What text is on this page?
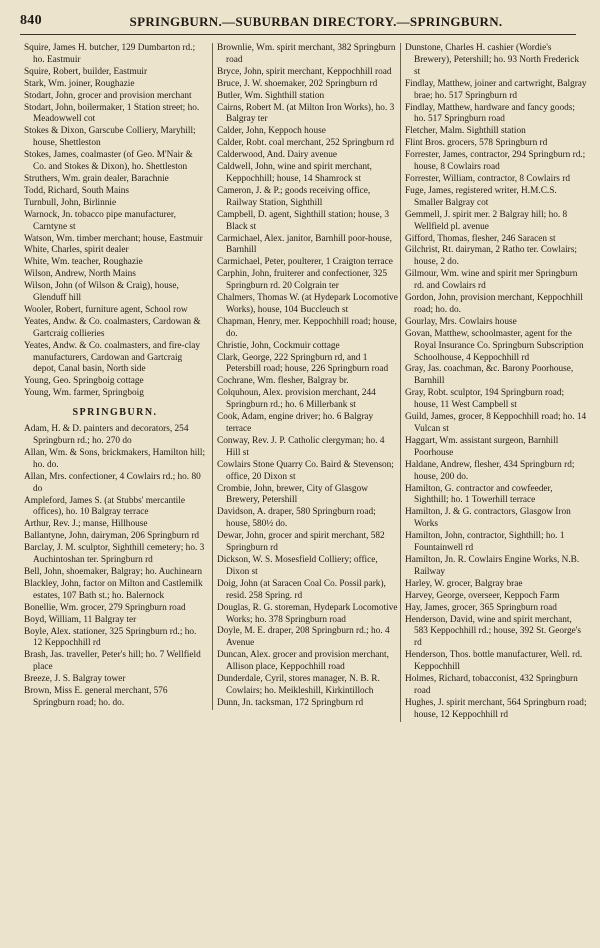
840	SPRINGBURN.—SUBURBAN DIRECTORY.—SPRINGBURN.

Squire, James H. butcher, 129 Dumbarton rd.; ho. Eastmuir

Squire, Robert, builder, Eastmuir

Stark, Wm. joiner, Roughazie

Stodart, John, grocer and provision merchant

Stodart, John, boilermaker, 1 Station street; ho. Meadowwell cot

Stokes & Dixon, Garscube Colliery, Maryhill; house, Shettleston

Stokes, James, coalmaster (of Geo. M'Nair & Co. and Stokes & Dixon), ho. Shettleston

Struthers, Wm. grain dealer, Barachnie

Todd, Richard, South Mains

Turnbull, John, Birlinnie

Warnock, Jn. tobacco pipe manufacturer, Carntyne st

Watson, Wm. timber merchant; house, Eastmuir

White, Charles, spirit dealer

White, Wm. teacher, Roughazie

Wilson, Andrew, North Mains

Wilson, John (of Wilson & Craig), house, Glenduff hill

Wooler, Robert, furniture agent, School row

Yeates, Andw. & Co. coalmasters, Cardowan & Gartcraig collieries

Yeates, Andw. & Co. coalmasters, and fire-clay manufacturers, Cardowan and Gartcraig depot, Canal basin, North side

Young, Geo. Springboig cottage

Young, Wm. farmer, Springboig

SPRINGBURN.

Adam, H. & D. painters and decorators, 254 Springburn rd.; ho. 270 do

Allan, Wm. & Sons, brickmakers, Hamilton hill; ho. do.

Allan, Mrs. confectioner, 4 Cowlairs rd.; ho. 80 do

Ampleford, James S. (at Stubbs' mercantile offices), ho. 10 Balgray terrace

Arthur, Rev. J.; manse, Hillhouse

Ballantyne, John, dairyman, 206 Springburn rd

Barclay, J. M. sculptor, Sighthill cemetery; ho. 3 Auchintoshan ter. Springburn rd

Bell, John, shoemaker, Balgray; ho. Auchinearn

Blackley, John, factor on Milton and Castlemilk estates, 107 Bath st.; ho. Balernock

Bonellie, Wm. grocer, 279 Springburn road

Boyd, William, 11 Balgray ter

Boyle, Alex. stationer, 325 Springburn rd.; ho. 12 Keppochhill rd

Brash, Jas. traveller, Peter's hill; ho. 7 Wellfield place

Breeze, J. S. Balgray tower

Brown, Miss E. general merchant, 576 Springburn road; ho. do.

Brownlie, Wm. spirit merchant, 382 Springburn road

Bryce, John, spirit merchant, Keppochhill road

Bruce, J. W. shoemaker, 202 Springburn rd

Butler, Wm. Sighthill station

Cairns, Robert M. (at Milton Iron Works), ho. 3 Balgray ter

Calder, John, Keppoch house

Calder, Robt. coal merchant, 252 Springburn rd

Calderwood, And. Dairy avenue

Caldwell, John, wine and spirit merchant, Keppochhill; house, 14 Shamrock st

Cameron, J. & P.; goods receiving office, Railway Station, Sighthill

Campbell, D. agent, Sighthill station; house, 3 Black st

Carmichael, Alex. janitor, Barnhill poor-house, Barnhill

Carmichael, Peter, poulterer, 1 Craigton terrace

Carphin, John, fruiterer and confectioner, 325 Springburn rd. 20 Colgrain ter

Chalmers, Thomas W. (at Hydepark Locomotive Works), house, 104 Buccleuch st

Chapman, Henry, mer. Keppochhill road; house, do.

Christie, John, Cockmuir cottage

Clark, George, 222 Springburn rd, and 1 Petersbill road; house, 226 Springburn road

Cochrane, Wm. flesher, Balgray br.

Colquhoun, Alex. provision merchant, 244 Springburn rd.; ho. 6 Millerbank st

Cook, Adam, engine driver; ho. 6 Balgray terrace

Conway, Rev. J. P. Catholic clergyman; ho. 4 Hill st

Cowlairs Stone Quarry Co. Baird & Stevenson; office, 20 Dixon st

Crombie, John, brewer, City of Glasgow Brewery, Petershill

Davidson, A. draper, 580 Springburn road; house, 580½ do.

Dewar, John, grocer and spirit merchant, 582 Springburn rd

Dickson, W. S. Mosesfield Colliery; office, Dixon st

Doig, John (at Saracen Coal Co. Possil park), resid. 258 Spring. rd

Douglas, R. G. storeman, Hydepark Locomotive Works; ho. 378 Springburn road

Doyle, M. E. draper, 208 Springburn rd.; ho. 4 Avenue

Duncan, Alex. grocer and provision merchant, Allison place, Keppochhill road

Dunderdale, Cyril, stores manager, N. B. R. Cowlairs; ho. Meikleshill, Kirkintilloch

Dunn, Jn. tacksman, 172 Springburn rd

Dunstone, Charles H. cashier (Wordie's Brewery), Petershill; ho. 93 North Frederick st

Findlay, Matthew, joiner and cartwright, Balgray brae; ho. 517 Springburn rd

Findlay, Matthew, hardware and fancy goods; ho. 517 Springburn road

Fletcher, Malm. Sighthill station

Flint Bros. grocers, 578 Springburn rd

Forrester, James, contractor, 294 Springburn rd.; house, 8 Cowlairs road

Forrester, William, contractor, 8 Cowlairs rd

Fuge, James, registered writer, H.M.C.S. Smaller Balgray cot

Gemmell, J. spirit mer. 2 Balgray hill; ho. 8 Wellfield pl. avenue

Gifford, Thomas, flesher, 246 Saracen st

Gilchrist, Rt. dairyman, 2 Ratho ter. Cowlairs; house, 2 do.

Gilmour, Wm. wine and spirit mer Springburn rd. and Cowlairs rd

Gordon, John, provision merchant, Keppochhill road; ho. do.

Gourlay, Mrs. Cowlairs house

Govan, Matthew, schoolmaster, agent for the Royal Insurance Co. Springburn Subscription Schoolhouse, 4 Keppochhill rd

Gray, Jas. coachman, &c. Barony Poorhouse, Barnhill

Gray, Robt. sculptor, 194 Springburn road; house, 11 West Campbell st

Guild, James, grocer, 8 Keppochhill road; ho. 14 Vulcan st

Haggart, Wm. assistant surgeon, Barnhill Poorhouse

Haldane, Andrew, flesher, 434 Springburn rd; house, 200 do.

Hamilton, G. contractor and cowfeeder, Sighthill; ho. 1 Towerhill terrace

Hamilton, J. & G. contractors, Glasgow Iron Works

Hamilton, John, contractor, Sighthill; ho. 1 Fountainwell rd

Hamilton, Jn. R. Cowlairs Engine Works, N.B. Railway

Harley, W. grocer, Balgray brae

Harvey, George, overseer, Keppoch Farm

Hay, James, grocer, 365 Springburn road

Henderson, David, wine and spirit merchant, 583 Keppochhill rd.; house, 392 St. George's rd

Henderson, Thos. bottle manufacturer, Well. rd. Keppochhill

Holmes, Richard, tobacconist, 432 Springburn road

Hughes, J. spirit merchant, 564 Springburn road; house, 12 Keppochhill rd
